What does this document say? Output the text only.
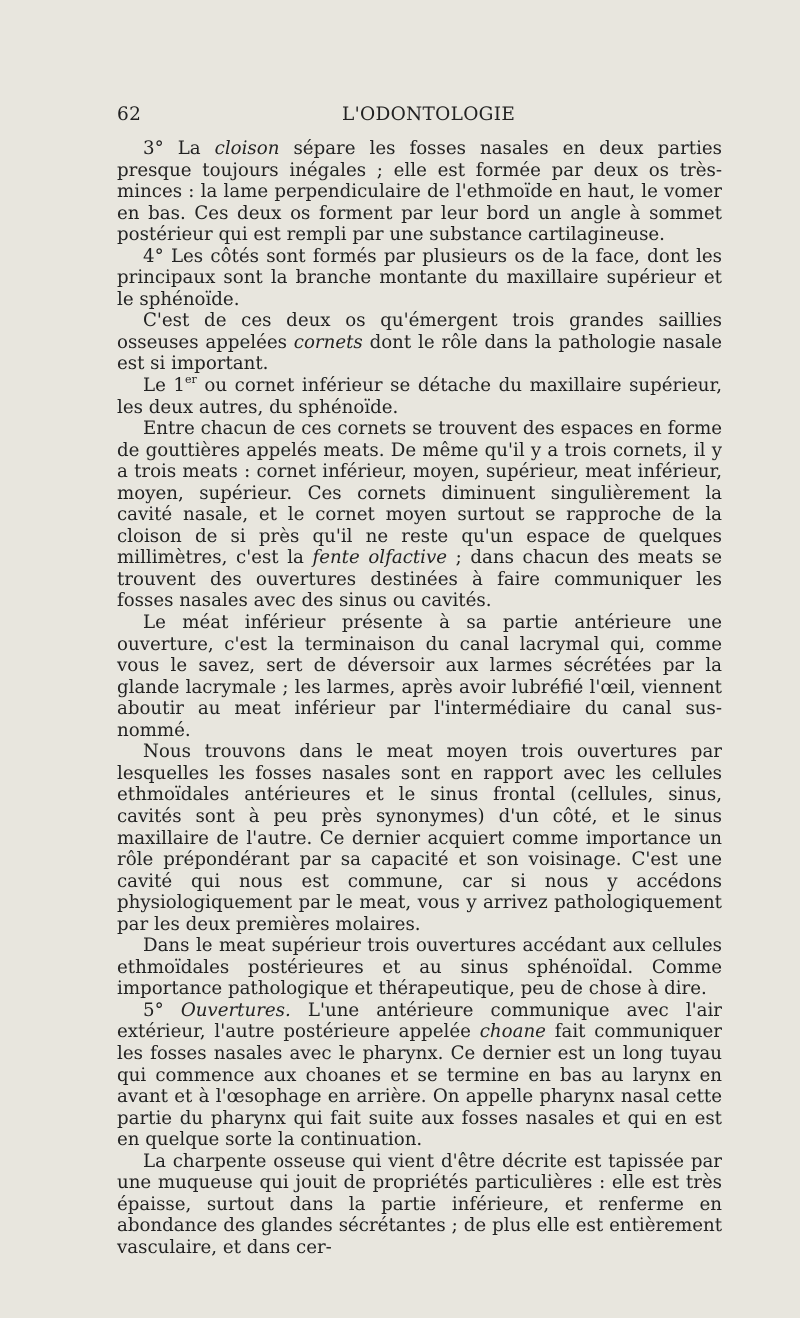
62	L'ODONTOLOGIE

3° La cloison sépare les fosses nasales en deux parties presque toujours inégales ; elle est formée par deux os très-minces : la lame perpendiculaire de l'ethmoïde en haut, le vomer en bas. Ces deux os forment par leur bord un angle à sommet postérieur qui est rempli par une substance cartilagineuse.

4° Les côtés sont formés par plusieurs os de la face, dont les principaux sont la branche montante du maxillaire supérieur et le sphénoïde.

C'est de ces deux os qu'émergent trois grandes saillies osseuses appelées cornets dont le rôle dans la pathologie nasale est si important.

Le 1er ou cornet inférieur se détache du maxillaire supérieur, les deux autres, du sphénoïde.

Entre chacun de ces cornets se trouvent des espaces en forme de gouttières appelés meats. De même qu'il y a trois cornets, il y a trois meats : cornet inférieur, moyen, supérieur, meat inférieur, moyen, supérieur. Ces cornets diminuent singulièrement la cavité nasale, et le cornet moyen surtout se rapproche de la cloison de si près qu'il ne reste qu'un espace de quelques millimètres, c'est la fente olfactive ; dans chacun des meats se trouvent des ouvertures destinées à faire communiquer les fosses nasales avec des sinus ou cavités.

Le méat inférieur présente à sa partie antérieure une ouverture, c'est la terminaison du canal lacrymal qui, comme vous le savez, sert de déversoir aux larmes sécrétées par la glande lacrymale ; les larmes, après avoir lubréfié l'œil, viennent aboutir au meat inférieur par l'intermédiaire du canal sus-nommé.

Nous trouvons dans le meat moyen trois ouvertures par lesquelles les fosses nasales sont en rapport avec les cellules ethmoïdales antérieures et le sinus frontal (cellules, sinus, cavités sont à peu près synonymes) d'un côté, et le sinus maxillaire de l'autre. Ce dernier acquiert comme importance un rôle prépondérant par sa capacité et son voisinage. C'est une cavité qui nous est commune, car si nous y accédons physiologiquement par le meat, vous y arrivez pathologiquement par les deux premières molaires.

Dans le meat supérieur trois ouvertures accédant aux cellules ethmoïdales postérieures et au sinus sphénoïdal. Comme importance pathologique et thérapeutique, peu de chose à dire.

5° Ouvertures. L'une antérieure communique avec l'air extérieur, l'autre postérieure appelée choane fait communiquer les fosses nasales avec le pharynx. Ce dernier est un long tuyau qui commence aux choanes et se termine en bas au larynx en avant et à l'œsophage en arrière. On appelle pharynx nasal cette partie du pharynx qui fait suite aux fosses nasales et qui en est en quelque sorte la continuation.

La charpente osseuse qui vient d'être décrite est tapissée par une muqueuse qui jouit de propriétés particulières : elle est très épaisse, surtout dans la partie inférieure, et renferme en abondance des glandes sécrétantes ; de plus elle est entièrement vasculaire, et dans cer-
